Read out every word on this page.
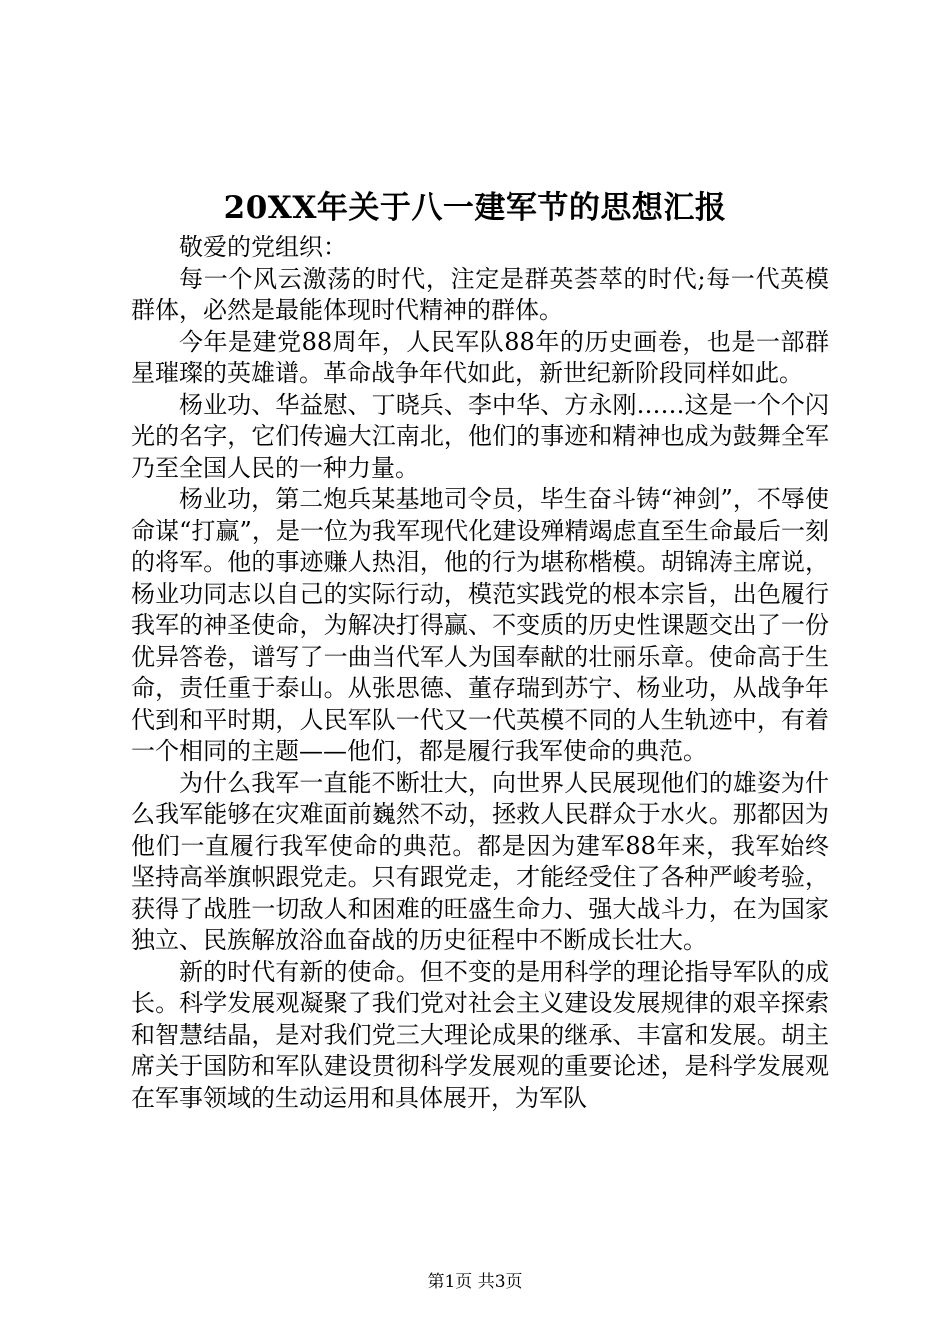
20XX年关于八一建军节的思想汇报

敬爱的党组织：

每一个风云激荡的时代，注定是群英荟萃的时代;每一代英模群体，必然是最能体现时代精神的群体。

今年是建党88周年，人民军队88年的历史画卷，也是一部群星璀璨的英雄谱。革命战争年代如此，新世纪新阶段同样如此。

杨业功、华益慰、丁晓兵、李中华、方永刚……这是一个个闪光的名字，它们传遍大江南北，他们的事迹和精神也成为鼓舞全军乃至全国人民的一种力量。

杨业功，第二炮兵某基地司令员，毕生奋斗铸“神剑”，不辱使命谋“打赢”，是一位为我军现代化建设殚精竭虑直至生命最后一刻的将军。他的事迹赚人热泪，他的行为堪称楷模。胡锦涛主席说，杨业功同志以自己的实际行动，模范实践党的根本宗旨，出色履行我军的神圣使命，为解决打得赢、不变质的历史性课题交出了一份优异答卷，谱写了一曲当代军人为国奉献的壮丽乐章。使命高于生命，责任重于泰山。从张思德、董存瑞到苏宁、杨业功，从战争年代到和平时期，人民军队一代又一代英模不同的人生轨迹中，有着一个相同的主题——他们，都是履行我军使命的典范。

为什么我军一直能不断壮大，向世界人民展现他们的雄姿为什么我军能够在灾难面前巍然不动，拯救人民群众于水火。那都因为他们一直履行我军使命的典范。都是因为建军88年来，我军始终坚持高举旗帜跟党走。只有跟党走，才能经受住了各种严峻考验，获得了战胜一切敌人和困难的旺盛生命力、强大战斗力，在为国家独立、民族解放浴血奋战的历史征程中不断成长壮大。

新的时代有新的使命。但不变的是用科学的理论指导军队的成长。科学发展观凝聚了我们党对社会主义建设发展规律的艰辛探索和智慧结晶，是对我们党三大理论成果的继承、丰富和发展。胡主席关于国防和军队建设贯彻科学发展观的重要论述，是科学发展观在军事领域的生动运用和具体展开，为军队

第1页 共3页
